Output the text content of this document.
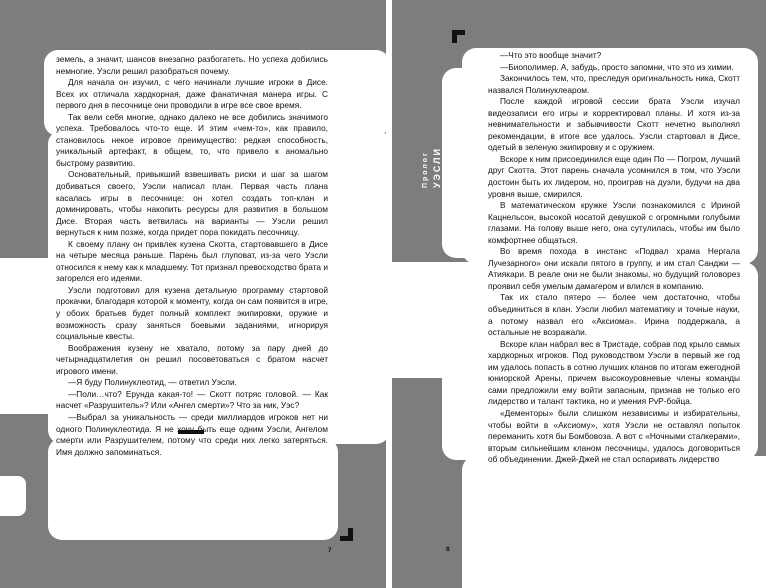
земель, а значит, шансов внезапно разбогатеть. Но успеха добились немногие. Уэсли решил разобраться почему.

Для начала он изучил, с чего начинали лучшие игроки в Дисе. Всех их отличала хардкорная, даже фанатичная манера игры. С первого дня в песочнице они проводили в игре все свое время.

Так вели себя многие, однако далеко не все добились значимого успеха. Требовалось что-то еще. И этим «чем-то», как правило, становилось некое игровое преимущество: редкая способность, уникальный артефакт, в общем, то, что привело к аномально быстрому развитию.

Основательный, привыкший взвешивать риски и шаг за шагом добиваться своего, Уэсли написал план. Первая часть плана касалась игры в песочнице: он хотел создать топ-клан и доминировать, чтобы накопить ресурсы для развития в большом Дисе. Вторая часть ветвилась на варианты — Уэсли решил вернуться к ним позже, когда придет пора покидать песочницу.

К своему плану он привлек кузена Скотта, стартовавшего в Дисе на четыре месяца раньше. Парень был глуповат, из-за чего Уэсли относился к нему как к младшему. Тот признал превосходство брата и загорелся его идеями.

Уэсли подготовил для кузена детальную программу стартовой прокачки, благодаря которой к моменту, когда он сам появится в игре, у обоих братьев будет полный комплект экипировки, оружие и возможность сразу заняться боевыми заданиями, игнорируя социальные квесты.

Воображения кузену не хватало, потому за пару дней до четырнадцатилетия он решил посоветоваться с братом насчет игрового имени.

—Я буду Полинуклеотид, — ответил Уэсли.

—Поли…что? Ерунда какая-то! — Скотт потряс головой. — Как насчет «Разрушитель»? Или «Ангел смерти»? Что за ник, Уэс?

—Выбрал за уникальность — среди миллиардов игроков нет ни одного Полинуклеотида. Я не хочу быть еще одним Уэсли, Ангелом смерти или Разрушителем, потому что среди них легко затеряться. Имя должно запоминаться.

7

—Что это вообще значит?

—Биополимер. А, забудь, просто запомни, что это из химии.

Закончилось тем, что, преследуя оригинальность ника, Скотт назвался Полинуклеаром.

После каждой игровой сессии брата Уэсли изучал видеозаписи его игры и корректировал планы. И хотя из-за невнимательности и забывчивости Скотт нечетно выполнял рекомендации, в итоге все удалось. Уэсли стартовал в Дисе, одетый в зеленую экипировку и с оружием.

Вскоре к ним присоединился еще один По — Погром, лучший друг Скотта. Этот парень сначала усомнился в том, что Уэсли достоин быть их лидером, но, проиграв на дуэли, будучи на два уровня выше, смирился.

В математическом кружке Уэсли познакомился с Ириной Кацнельсон, высокой носатой девушкой с огромными голубыми глазами. На голову выше него, она сутулилась, чтобы им было комфортнее общаться.

Во время похода в инстанс «Подвал храма Нергала Лучезарного» они искали пятого в группу, и им стал Санджи — Атиякари. В реале они не были знакомы, но будущий головорез проявил себя умелым дамагером и влился в компанию.

Так их стало пятеро — более чем достаточно, чтобы объединиться в клан. Уэсли любил математику и точные науки, а потому назвал его «Аксиома». Ирина поддержала, а остальные не возражали.

Вскоре клан набрал вес в Тристаде, собрав под крыло самых хардкорных игроков. Под руководством Уэсли в первый же год им удалось попасть в сотню лучших кланов по итогам ежегодной юниорской Арены, причем высокоуровневые члены команды сами предложили ему войти запасным, признав не только его лидерство и талант тактика, но и умения PvP-бойца.

«Дементоры» были слишком независимы и избирательны, чтобы войти в «Аксиому», хотя Уэсли не оставлял попыток переманить хотя бы Бомбовоза. А вот с «Ночными сталкерами», вторым сильнейшим кланом песочницы, удалось договориться об объединении. Джей-Джей не стал оспаривать лидерство

8
Пролог УЭСЛИ
